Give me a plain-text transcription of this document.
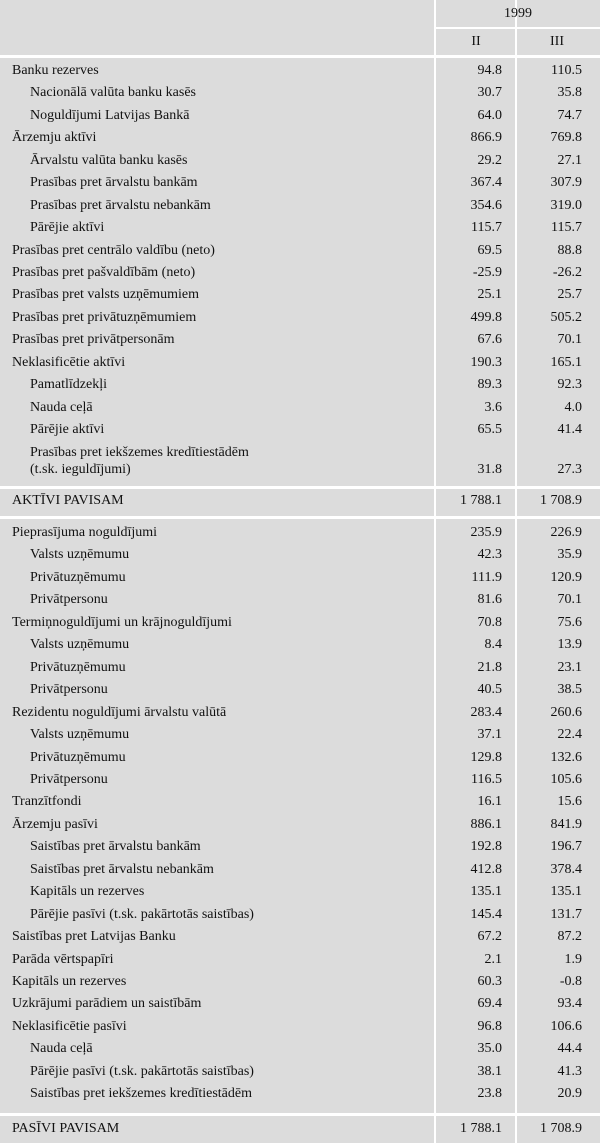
1999
II	III
Banku rezerves	94.8	110.5
Nacionālā valūta banku kasēs	30.7	35.8
Noguldījumi Latvijas Bankā	64.0	74.7
Ārzemju aktīvi	866.9	769.8
Ārvalstu valūta banku kasēs	29.2	27.1
Prasības pret ārvalstu bankām	367.4	307.9
Prasības pret ārvalstu nebankām	354.6	319.0
Pārējie aktīvi	115.7	115.7
Prasības pret centrālo valdību (neto)	69.5	88.8
Prasības pret pašvaldībām (neto)	-25.9	-26.2
Prasības pret valsts uzņēmumiem	25.1	25.7
Prasības pret privātuzņēmumiem	499.8	505.2
Prasības pret privātpersonām	67.6	70.1
Neklasificētie aktīvi	190.3	165.1
Pamatlīdzekļi	89.3	92.3
Nauda ceļā	3.6	4.0
Pārējie aktīvi	65.5	41.4
Prasības pret iekšzemes kredītiestādēm
(t.sk. ieguldījumi)	31.8	27.3
AKTĪVI PAVISAM	1 788.1	1 708.9
Pieprasījuma noguldījumi	235.9	226.9
Valsts uzņēmumu	42.3	35.9
Privātuzņēmumu	111.9	120.9
Privātpersonu	81.6	70.1
Termiņnoguldījumi un krājnoguldījumi	70.8	75.6
Valsts uzņēmumu	8.4	13.9
Privātuzņēmumu	21.8	23.1
Privātpersonu	40.5	38.5
Rezidentu noguldījumi ārvalstu valūtā	283.4	260.6
Valsts uzņēmumu	37.1	22.4
Privātuzņēmumu	129.8	132.6
Privātpersonu	116.5	105.6
Tranzītfondi	16.1	15.6
Ārzemju pasīvi	886.1	841.9
Saistības pret ārvalstu bankām	192.8	196.7
Saistības pret ārvalstu nebankām	412.8	378.4
Kapitāls un rezerves	135.1	135.1
Pārējie pasīvi (t.sk. pakārtotās saistības)	145.4	131.7
Saistības pret Latvijas Banku	67.2	87.2
Parāda vērtspapīri	2.1	1.9
Kapitāls un rezerves	60.3	-0.8
Uzkrājumi parādiem un saistībām	69.4	93.4
Neklasificētie pasīvi	96.8	106.6
Nauda ceļā	35.0	44.4
Pārējie pasīvi (t.sk. pakārtotās saistības)	38.1	41.3
Saistības pret iekšzemes kredītiestādēm	23.8	20.9
PASĪVI PAVISAM	1 788.1	1 708.9
